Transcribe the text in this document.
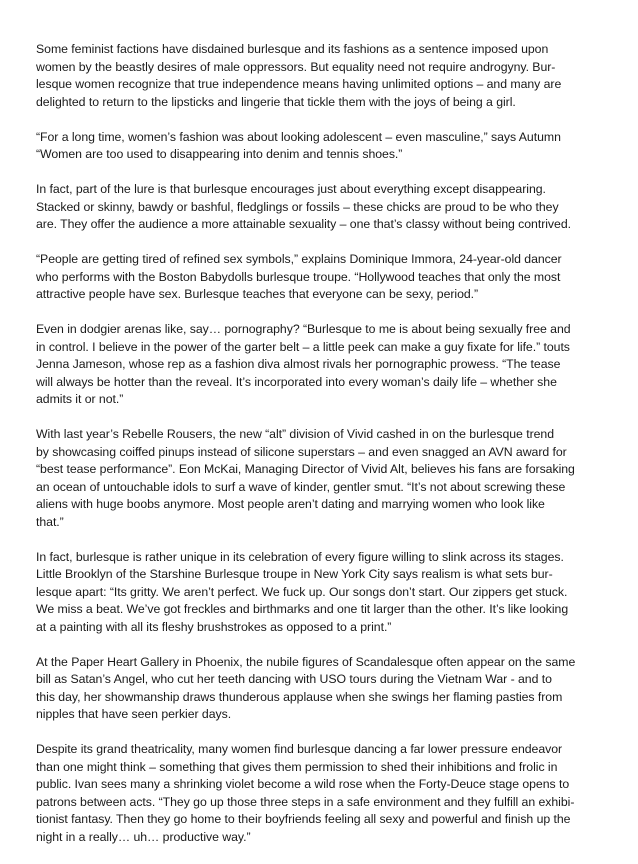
Some feminist factions have disdained burlesque and its fashions as a sentence imposed upon
women by the beastly desires of male oppressors. But equality need not require androgyny. Bur-
lesque women recognize that true independence means having unlimited options – and many are
delighted to return to the lipsticks and lingerie that tickle them with the joys of being a girl.

“For a long time, women’s fashion was about looking adolescent – even masculine,” says Autumn
“Women are too used to disappearing into denim and tennis shoes.”

In fact, part of the lure is that burlesque encourages just about everything except disappearing.
Stacked or skinny, bawdy or bashful, fledglings or fossils – these chicks are proud to be who they
are. They offer the audience a more attainable sexuality – one that’s classy without being contrived.

“People are getting tired of refined sex symbols,” explains Dominique Immora, 24-year-old dancer
who performs with the Boston Babydolls burlesque troupe. “Hollywood teaches that only the most
attractive people have sex. Burlesque teaches that everyone can be sexy, period.”

Even in dodgier arenas like, say… pornography? “Burlesque to me is about being sexually free and
in control. I believe in the power of the garter belt – a little peek can make a guy fixate for life.” touts
Jenna Jameson, whose rep as a fashion diva almost rivals her pornographic prowess. “The tease
will always be hotter than the reveal. It’s incorporated into every woman’s daily life – whether she
admits it or not.”

With last year’s Rebelle Rousers, the new “alt” division of Vivid cashed in on the burlesque trend
by showcasing coiffed pinups instead of silicone superstars – and even snagged an AVN award for
“best tease performance”. Eon McKai, Managing Director of Vivid Alt, believes his fans are forsaking
an ocean of untouchable idols to surf a wave of kinder, gentler smut. “It’s not about screwing these
aliens with huge boobs anymore. Most people aren’t dating and marrying women who look like
that.”

In fact, burlesque is rather unique in its celebration of every figure willing to slink across its stages.
Little Brooklyn of the Starshine Burlesque troupe in New York City says realism is what sets bur-
lesque apart: “Its gritty. We aren’t perfect. We fuck up. Our songs don’t start. Our zippers get stuck.
We miss a beat. We’ve got freckles and birthmarks and one tit larger than the other. It’s like looking
at a painting with all its fleshy brushstrokes as opposed to a print.”

At the Paper Heart Gallery in Phoenix, the nubile figures of Scandalesque often appear on the same
bill as Satan’s Angel, who cut her teeth dancing with USO tours during the Vietnam War - and to
this day, her showmanship draws thunderous applause when she swings her flaming pasties from
nipples that have seen perkier days.

Despite its grand theatricality, many women find burlesque dancing a far lower pressure endeavor
than one might think – something that gives them permission to shed their inhibitions and frolic in
public. Ivan sees many a shrinking violet become a wild rose when the Forty-Deuce stage opens to
patrons between acts. “They go up those three steps in a safe environment and they fulfill an exhibi-
tionist fantasy. Then they go home to their boyfriends feeling all sexy and powerful and finish up the
night in a really… uh… productive way.”
